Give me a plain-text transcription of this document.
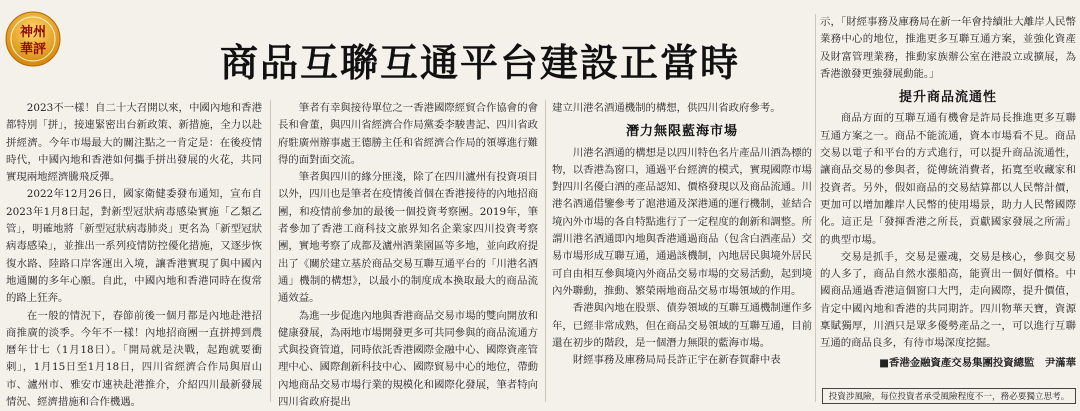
神州
華評	商品互聯互通平台建設正當時

2023不一樣！自二十大召開以來，中國內地和香港都特別「拼」，接連緊密出台新政策、新措施，全力以赴拼經濟。今年市場最大的關注點之一肯定是：在後疫情時代，中國內地和香港如何攜手拼出發展的火花，共同實現兩地經濟騰飛反彈。

2022年12月26日，國家衛健委發布通知，宣布自2023年1月8日起，對新型冠狀病毒感染實施「乙類乙管」，明確地將「新型冠狀病毒肺炎」更名為「新型冠狀病毒感染」，並推出一系列疫情防控優化措施，又逐步恢復水路、陸路口岸客運出入境，讓香港實現了與中國內地通關的多年心願。自此，中國內地和香港同時在復常的路上狂奔。

在一般的情況下，春節前後一個月都是內地赴港招商推廣的淡季。今年不一樣！內地招商團一直拼搏到農曆年廿七（1月18日）。「開局就是決戰，起跑就要衝刺」，1月15日至1月18日，四川省經濟合作局與眉山市、瀘州市、雅安市連袂赴港推介，介紹四川最新發展情況、經濟措施和合作機遇。

筆者有幸與接待單位之一香港國際經貿合作協會的會長和會董，與四川省經濟合作局黨委李駿書記、四川省政府駐廣州辦事處王德勝主任和省經濟合作局的領導進行難得的面對面交流。

筆者與四川的緣分匪淺，除了在四川瀘州有投資項目以外，四川也是筆者在疫情後首個在香港接待的內地招商團，和疫情前參加的最後一個投資考察團。2019年，筆者參加了香港工商科技文旅界知名企業家四川投資考察團，實地考察了成都及瀘州酒業園區等多地，並向政府提出了《關於建立基於商品交易互聯互通平台的「川港名酒通」機制的構想》，以最小的制度成本換取最大的商品流通效益。

為進一步促進內地與香港商品交易市場的雙向開放和健康發展，為兩地市場開發更多可共同參與的商品流通方式與投資管道，同時依託香港國際金融中心、國際資產管理中心、國際創新科技中心、國際貿易中心的地位，帶動內地商品交易市場行業的規模化和國際化發展，筆者特向四川省政府提出

建立川港名酒通機制的構想，供四川省政府參考。

潛力無限藍海市場

川港名酒通的構想是以四川特色名片產品川酒為標的物，以香港為窗口，通過平台經濟的模式，實現國際市場對四川名優白酒的產品認知、價格發現以及商品流通。川港名酒通借鑒參考了滬港通及深港通的運行機制，並結合境內外市場的各自特點進行了一定程度的創新和調整。所謂川港名酒通即內地與香港通過商品（包含白酒產品）交易市場形成互聯互通，通過該機制，內地居民與境外居民可自由相互參與境內外商品交易市場的交易活動，起到境內外聯動，推動、繁榮兩地商品交易市場領域的作用。

香港與內地在股票、債券領域的互聯互通機制運作多年，已經非常成熟，但在商品交易領域的互聯互通，目前還在初步的階段，是一個潛力無限的藍海市場。

財經事務及庫務局局長許正宇在新春賀辭中表

示，「財經事務及庫務局在新一年會持續壯大離岸人民幣業務中心的地位，推進更多互聯互通方案，並強化資產及財富管理業務，推動家族辦公室在港設立或擴展，為香港激發更強發展動能。」

提升商品流通性

商品方面的互聯互通有機會是許局長推進更多互聯互通方案之一。商品不能流通，資本市場看不見。商品交易以電子和平台的方式進行，可以提升商品流通性，讓商品交易的參與者，從傳統消費者，拓寬至收藏家和投資者。另外，假如商品的交易結算都以人民幣計價，更加可以增加離岸人民幣的使用場景，助力人民幣國際化。這正是「發揮香港之所長，貢獻國家發展之所需」的典型市場。

交易是抓手，交易是靈魂，交易是核心，參與交易的人多了，商品自然水漲船高，能賣出一個好價格。中國商品通過香港這個窗口大門，走向國際，提升價值，肯定中國內地和香港的共同期許。四川物華天寶，資源稟賦獨厚，川酒只是眾多優勢產品之一，可以進行互聯互通的商品良多，有待市場深度挖掘。

■香港金融資產交易集團投資總監　尹滿華
投資涉風險，每位投資者承受風險程度不一，務必要獨立思考。
